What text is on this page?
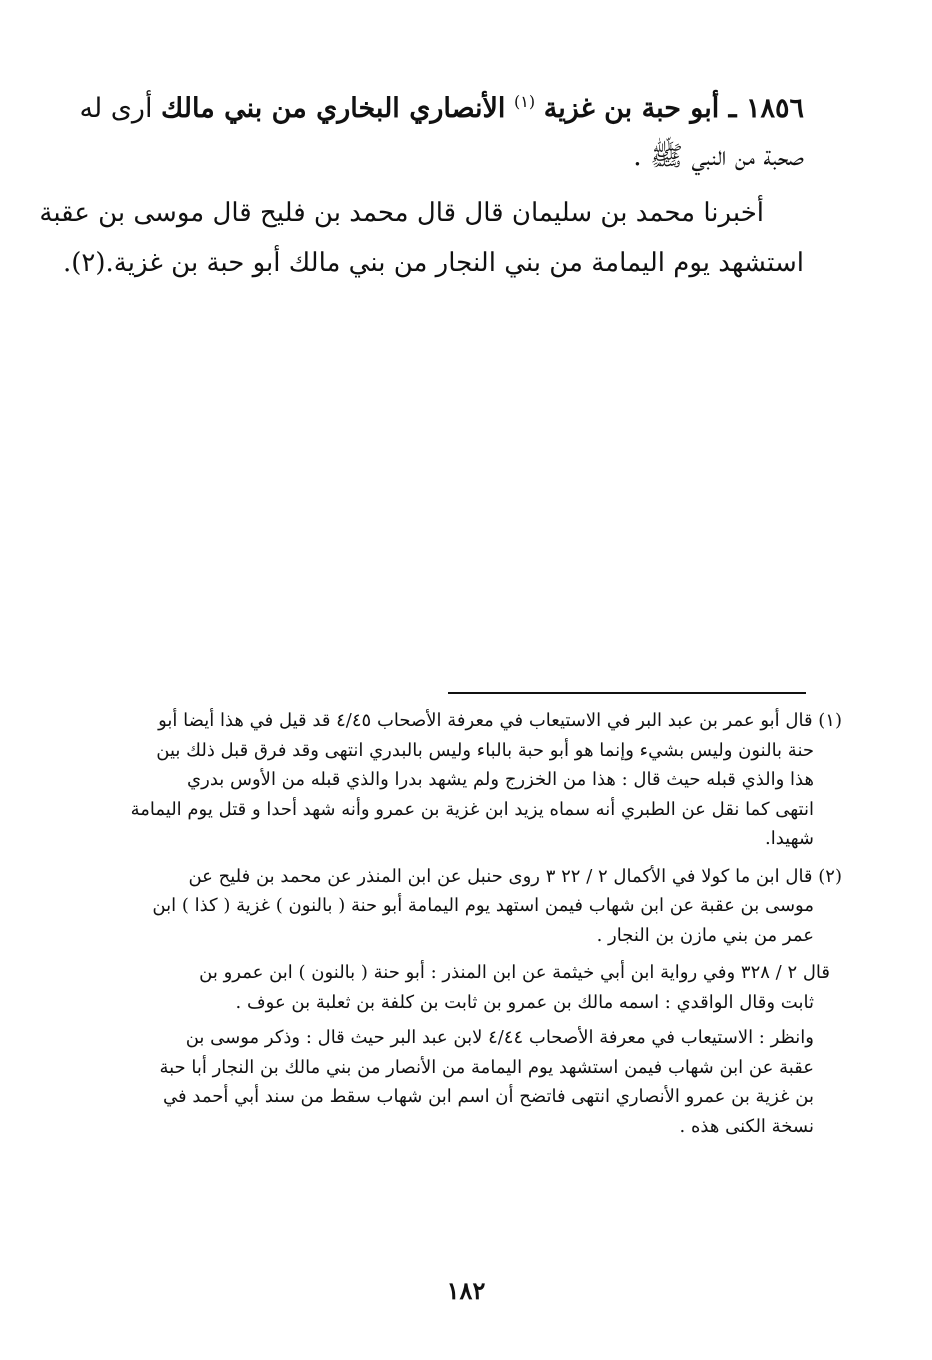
١٨٥٦ ـ أبو حبة بن غزية $^{(١)}$ الأنصاري البخاري من بني مالك أرى له
صحبة من النبي ﷺ .
أخبرنا محمد بن سليمان قال قال محمد بن فليح قال موسى بن عقبة
استشهد يوم اليمامة من بني النجار من بني مالك أبو حبة بن غزية.(٢).
(١) قال أبو عمر بن عبد البر في الاستيعاب في معرفة الأصحاب ٤/٤٥ قد قيل في هذا أيضا أبو
حنة بالنون وليس بشيء وإنما هو أبو حبة بالباء وليس بالبدري انتهى وقد فرق قبل ذلك بين
هذا والذي قبله حيث قال : هذا من الخزرج ولم يشهد بدرا والذي قبله من الأوس بدري
انتهى كما نقل عن الطبري أنه سماه يزيد ابن غزية بن عمرو وأنه شهد أحدا و قتل يوم اليمامة
شهيدا.
(٢) قال ابن ما كولا في الأكمال ٢ / ٢٢ ٣ روى حنبل عن ابن المنذر عن محمد بن فليح عن
موسى بن عقبة عن ابن شهاب فيمن استهد يوم اليمامة أبو حنة ( بالنون ) غزية ( كذا ) ابن
عمر من بني مازن بن النجار .
قال ٢ / ٣٢٨ وفي رواية ابن أبي خيثمة عن ابن المنذر : أبو حنة ( بالنون ) ابن عمرو بن
ثابت وقال الواقدي : اسمه مالك بن عمرو بن ثابت بن كلفة بن ثعلبة بن عوف .
وانظر : الاستيعاب في معرفة الأصحاب ٤/٤٤ لابن عبد البر حيث قال : وذكر موسى بن
عقبة عن ابن شهاب فيمن استشهد يوم اليمامة من الأنصار من بني مالك بن النجار أبا حبة
بن غزية بن عمرو الأنصاري انتهى فاتضح أن اسم ابن شهاب سقط من سند أبي أحمد في
نسخة الكنى هذه .
١٨٢
